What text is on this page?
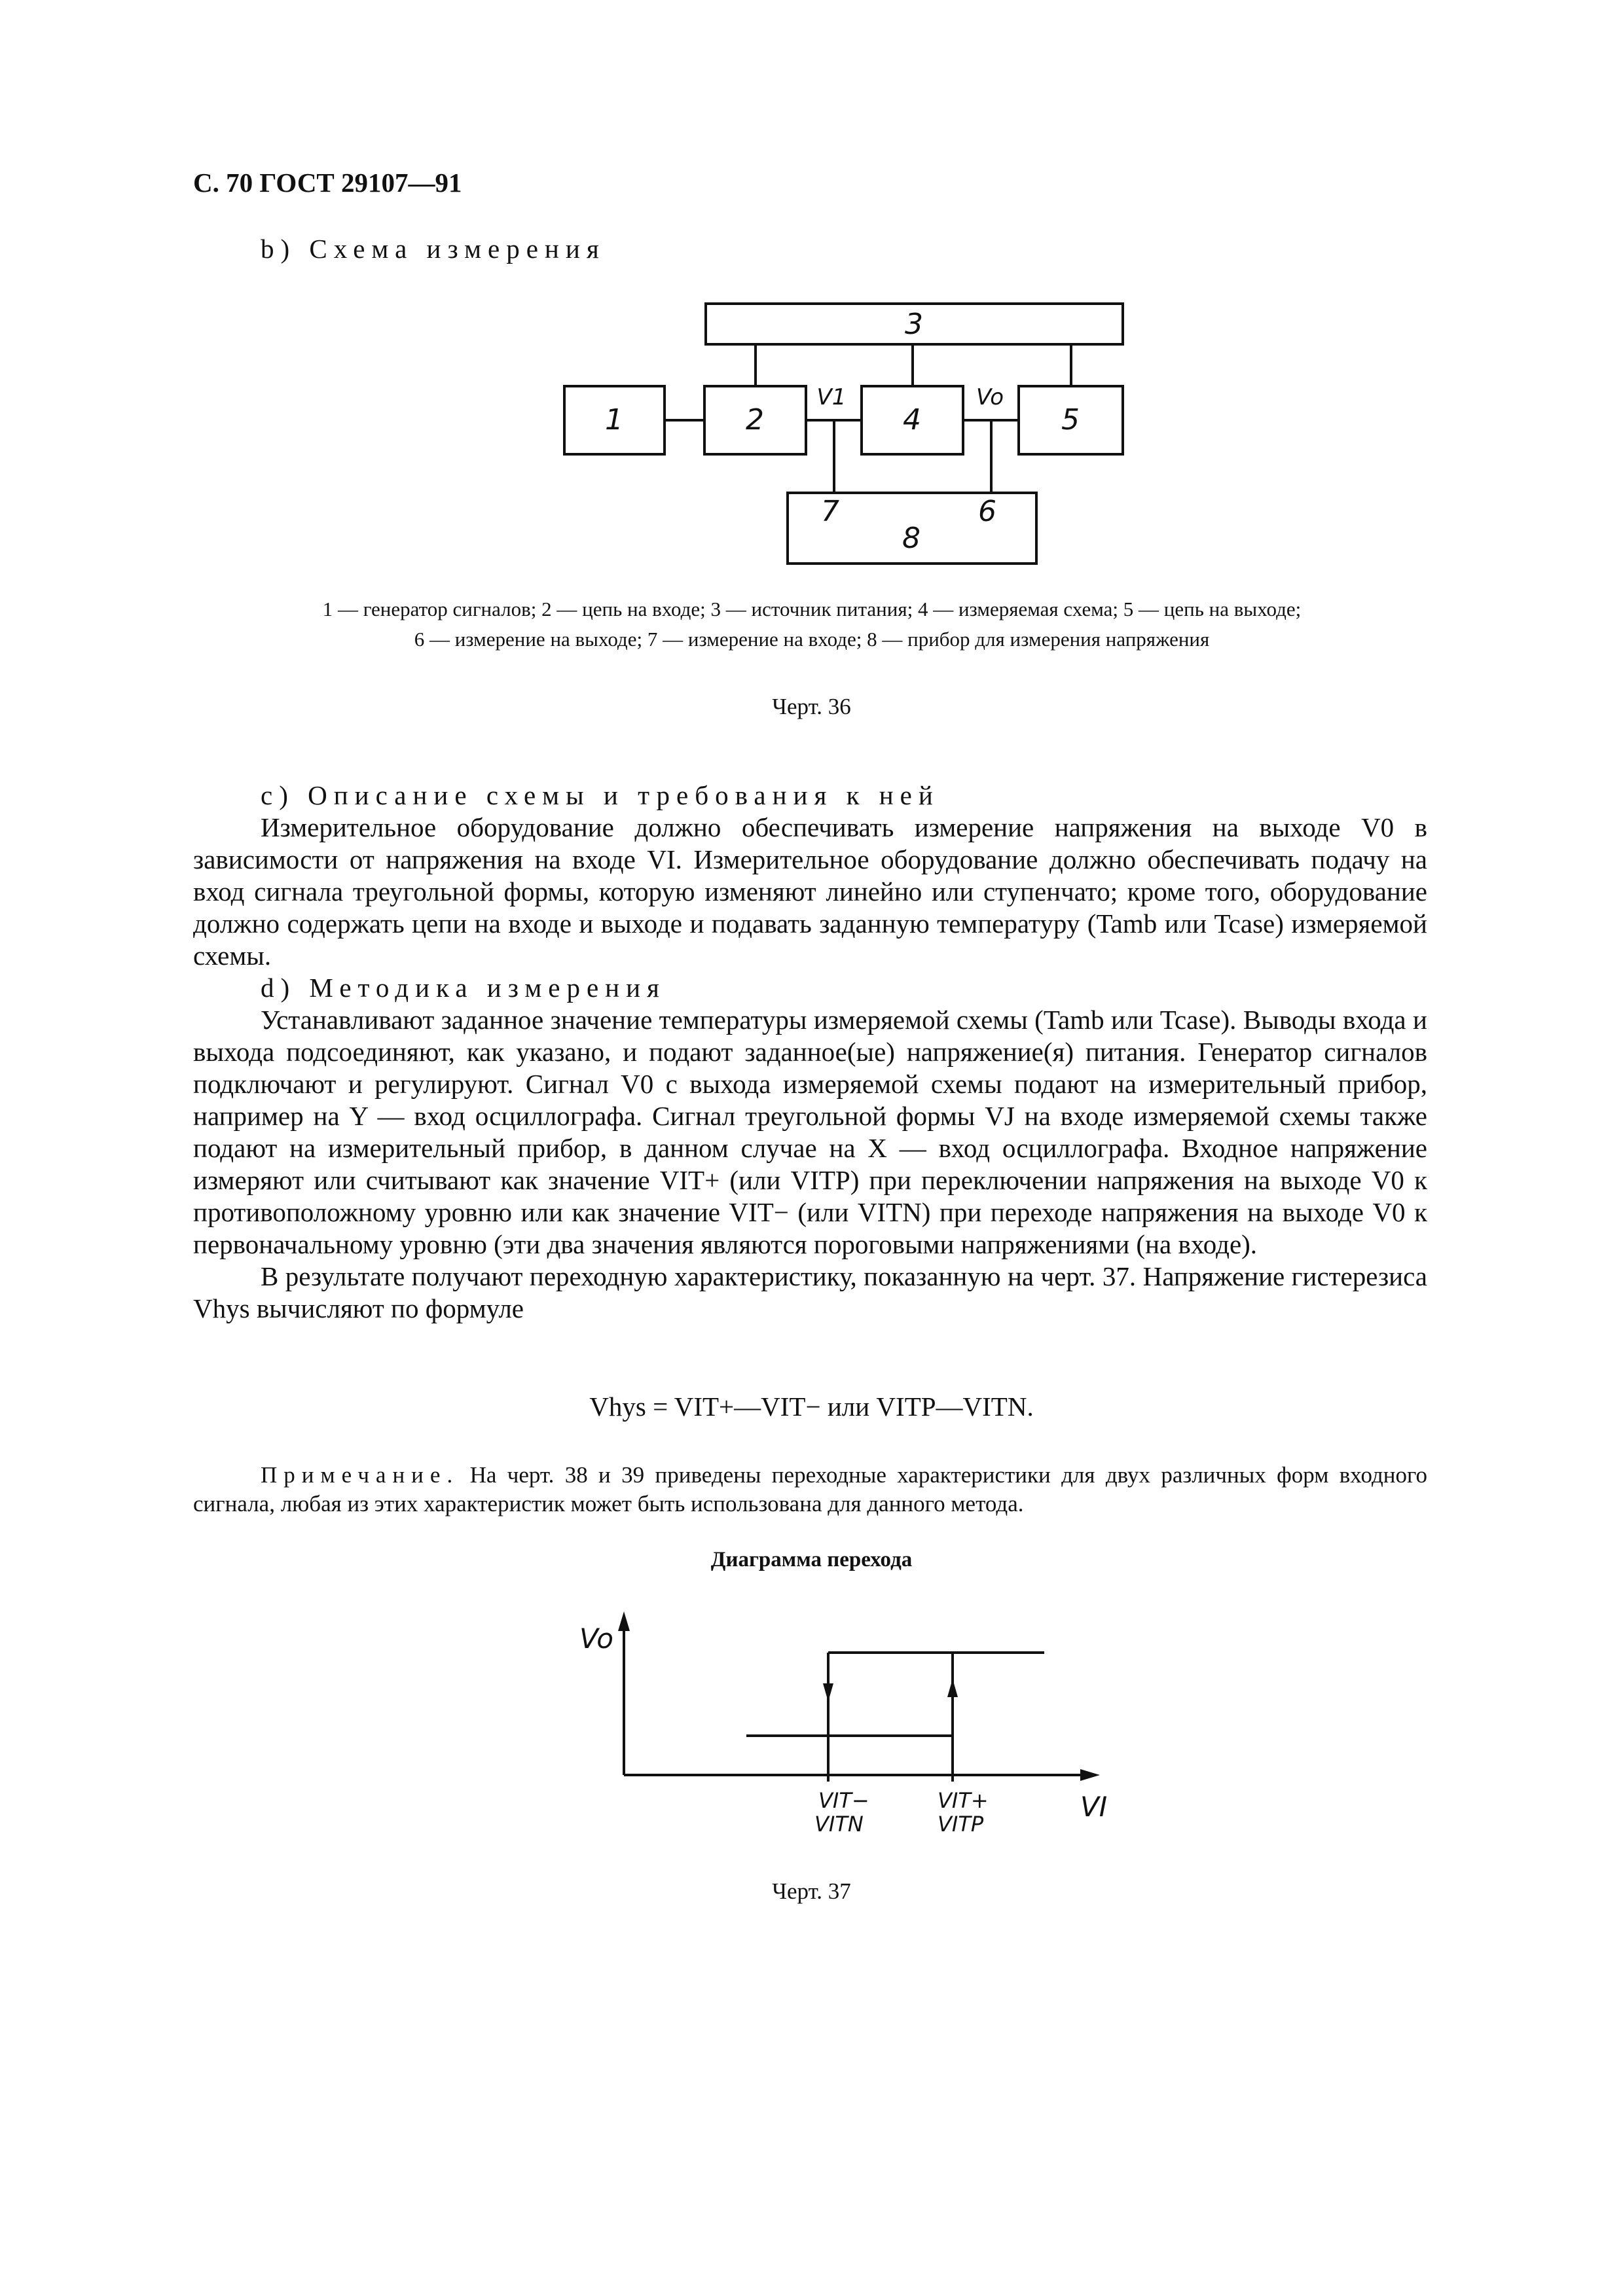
С. 70 ГОСТ 29107—91
b) Схема измерения
3
1	2	4	5
V1	Vo
7	6
8
1 — генератор сигналов; 2 — цепь на входе; 3 — источник питания; 4 — измеряемая схема; 5 — цепь на выходе;
6 — измерение на выходе; 7 — измерение на входе; 8 — прибор для измерения напряжения
Черт. 36

c) Описание схемы и требования к ней

Измерительное оборудование должно обеспечивать измерение напряжения на выходе V0 в зависимости от напряжения на входе VI. Измерительное оборудование должно обеспечивать подачу на вход сигнала треугольной формы, которую изменяют линейно или ступенчато; кроме того, оборудование должно содержать цепи на входе и выходе и подавать заданную температуру (Tamb или Tcase) измеряемой схемы.

d) Методика измерения

Устанавливают заданное значение температуры измеряемой схемы (Tamb или Tcase). Выводы входа и выхода подсоединяют, как указано, и подают заданное(ые) напряжение(я) питания. Генератор сигналов подключают и регулируют. Сигнал V0 с выхода измеряемой схемы подают на измерительный прибор, например на Y — вход осциллографа. Сигнал треугольной формы VJ на входе измеряемой схемы также подают на измерительный прибор, в данном случае на X — вход осциллографа. Входное напряжение измеряют или считывают как значение VIT+ (или VITP) при переключении напряжения на выходе V0 к противоположному уровню или как значение VIT− (или VITN) при переходе напряжения на выходе V0 к первоначальному уровню (эти два значения являются пороговыми напряжениями (на входе).

В результате получают переходную характеристику, показанную на черт. 37. Напряжение гистерезиса Vhys вычисляют по формуле

Vhys = VIT+—VIT− или VITP—VITN.
Примечание. На черт. 38 и 39 приведены переходные характеристики для двух различных форм входного сигнала, любая из этих характеристик может быть использована для данного метода.
Диаграмма перехода
Vo
VI
VIT−
VITN
VIT+
VITP
Черт. 37
